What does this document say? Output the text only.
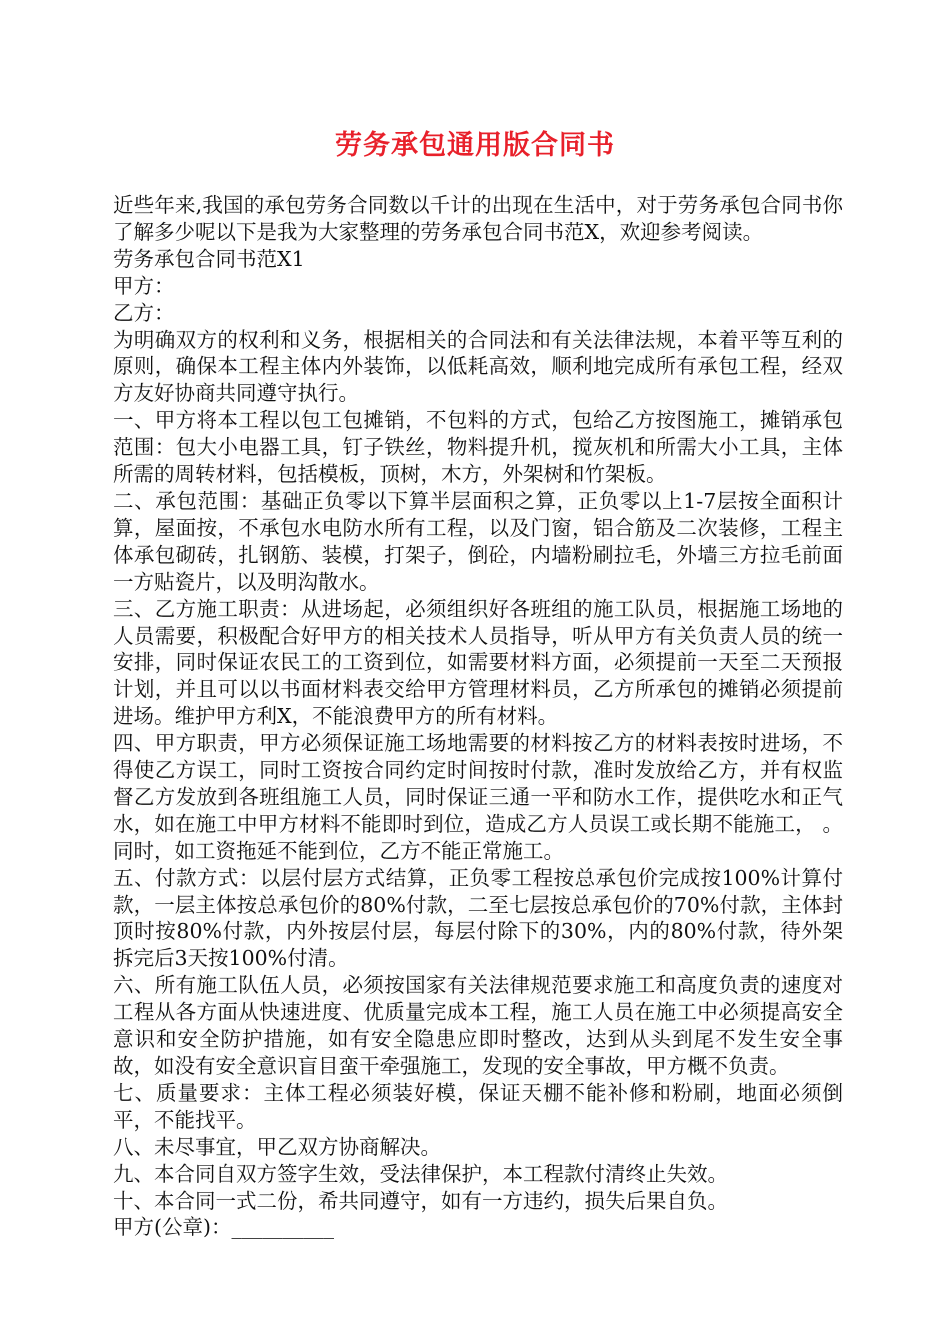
劳务承包通用版合同书

近些年来,我国的承包劳务合同数以千计的出现在生活中，对于劳务承包合同书你了解多少呢以下是我为大家整理的劳务承包合同书范X，欢迎参考阅读。

劳务承包合同书范X1

甲方：

乙方：

为明确双方的权利和义务，根据相关的合同法和有关法律法规，本着平等互利的原则，确保本工程主体内外装饰，以低耗高效，顺利地完成所有承包工程，经双方友好协商共同遵守执行。

一、甲方将本工程以包工包摊销，不包料的方式，包给乙方按图施工，摊销承包范围：包大小电器工具，钉子铁丝，物料提升机，搅灰机和所需大小工具，主体所需的周转材料，包括模板，顶树，木方，外架树和竹架板。

二、承包范围：基础正负零以下算半层面积之算，正负零以上1-7层按全面积计算，屋面按，不承包水电防水所有工程，以及门窗，铝合筋及二次装修，工程主体承包砌砖，扎钢筋、装模，打架子，倒砼，内墙粉刷拉毛，外墙三方拉毛前面一方贴瓷片，以及明沟散水。

三、乙方施工职责：从进场起，必须组织好各班组的施工队员，根据施工场地的人员需要，积极配合好甲方的相关技术人员指导，听从甲方有关负责人员的统一安排，同时保证农民工的工资到位，如需要材料方面，必须提前一天至二天预报计划，并且可以以书面材料表交给甲方管理材料员，乙方所承包的摊销必须提前进场。维护甲方利X，不能浪费甲方的所有材料。

四、甲方职责，甲方必须保证施工场地需要的材料按乙方的材料表按时进场，不得使乙方误工，同时工资按合同约定时间按时付款，准时发放给乙方，并有权监督乙方发放到各班组施工人员，同时保证三通一平和防水工作，提供吃水和正气水，如在施工中甲方材料不能即时到位，造成乙方人员误工或长期不能施工， 。同时，如工资拖延不能到位，乙方不能正常施工。

五、付款方式：以层付层方式结算，正负零工程按总承包价完成按100%计算付款，一层主体按总承包价的80%付款，二至七层按总承包价的70%付款，主体封顶时按80%付款，内外按层付层，每层付除下的30%，内的80%付款，待外架拆完后3天按100%付清。

六、所有施工队伍人员，必须按国家有关法律规范要求施工和高度负责的速度对工程从各方面从快速进度、优质量完成本工程，施工人员在施工中必须提高安全意识和安全防护措施，如有安全隐患应即时整改，达到从头到尾不发生安全事故，如没有安全意识盲目蛮干牵强施工，发现的安全事故，甲方概不负责。

七、质量要求：主体工程必须装好模，保证天棚不能补修和粉刷，地面必须倒平，不能找平。

八、未尽事宜，甲乙双方协商解决。

九、本合同自双方签字生效，受法律保护，本工程款付清终止失效。

十、本合同一式二份，希共同遵守，如有一方违约，损失后果自负。

甲方(公章)：__________
